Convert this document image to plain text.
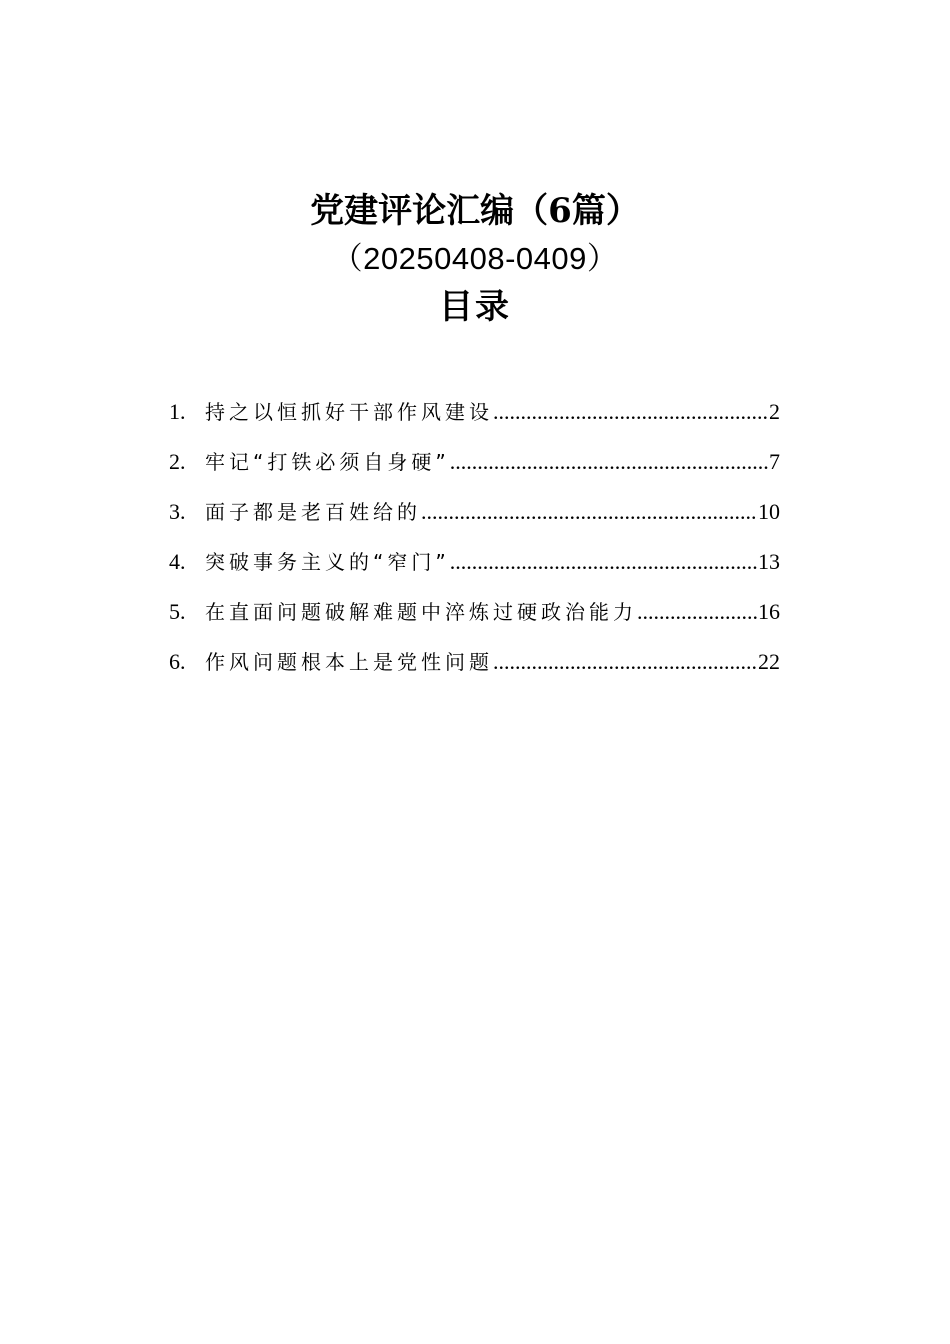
党建评论汇编（6篇）

（20250408-0409）

目录
1. 持之以恒抓好干部作风建设 .....	2
2. 牢记“打铁必须自身硬” .....	7
3. 面子都是老百姓给的 .....	10
4. 突破事务主义的“窄门” .....	13
5. 在直面问题破解难题中淬炼过硬政治能力 .....	16
6. 作风问题根本上是党性问题 .....	22
